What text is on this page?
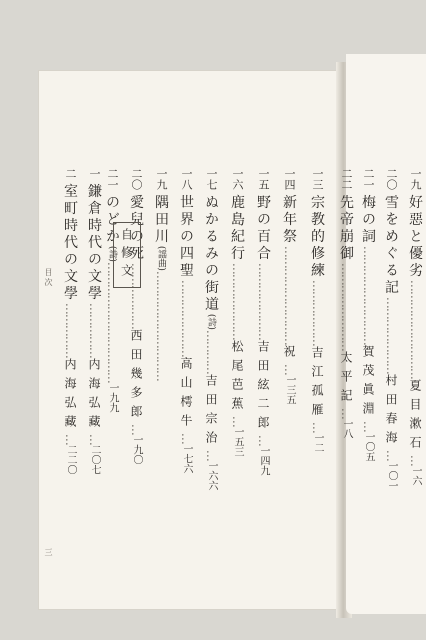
一三 宗教的修練………………吉江孤雁…一二
一四 新年祭………………………祝…一三五
一五 野の百合…………………吉田絃二郎…一四九
一六 鹿島紀行…………………松尾芭蕉…一五三
一七 ぬかるみの街道(詩)…………吉田宗治…一六六
一八 世界の四聖…………………高山樗牛…一七六
一九 隅田川(謡曲)…………………………
二〇 愛兒の死………………西田幾多郎…一九〇
二一 のどか(詩)……………………………一九九
自修文
一 鎌倉時代の文學……………内海弘藏…二〇七
二 室町時代の文學……………内海弘藏…二二〇
目次
三
一九 好惡と優劣………………………夏目漱石…一六
二〇 雪をめぐる記…………………村田春海…一〇一
二一 梅の詞………………………賀茂眞淵…一〇五
二二 先帝崩御……………………太平記…一八
